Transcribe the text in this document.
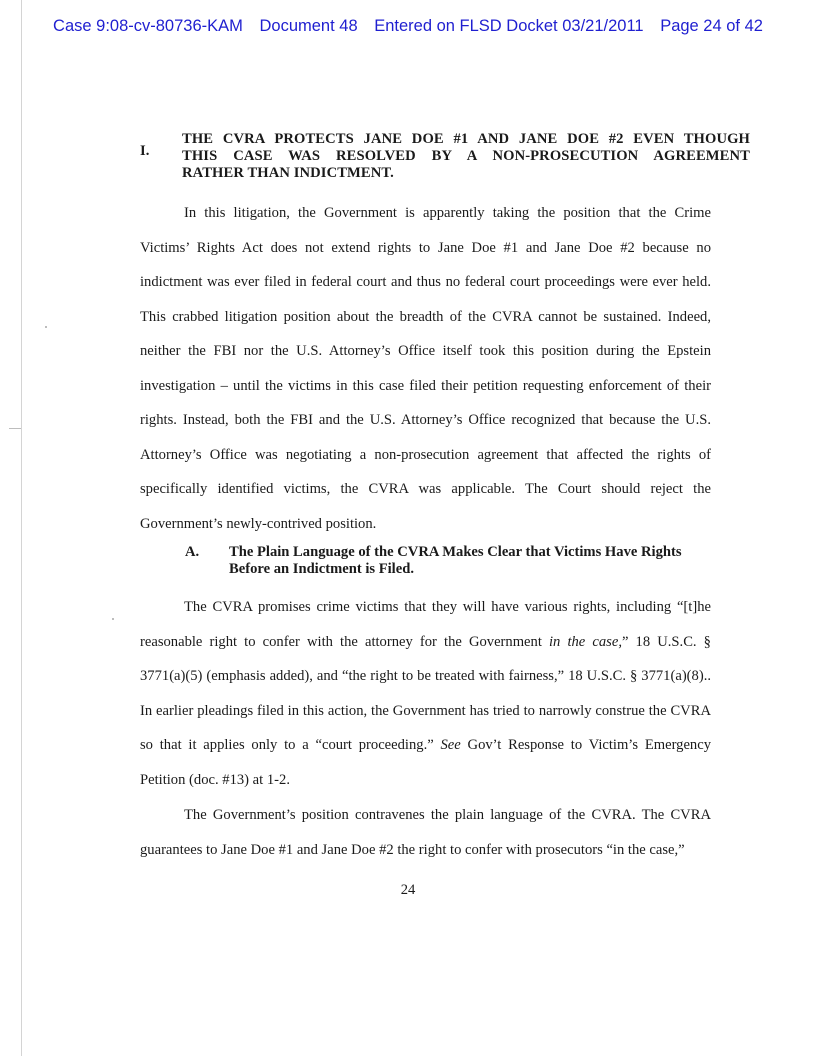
Case 9:08-cv-80736-KAM Document 48 Entered on FLSD Docket 03/21/2011 Page 24 of 42
I.
THE CVRA PROTECTS JANE DOE #1 AND JANE DOE #2 EVEN THOUGH
THIS CASE WAS RESOLVED BY A NON-PROSECUTION AGREEMENT
RATHER THAN INDICTMENT.
In this litigation, the Government is apparently taking the position that the Crime
Victims’ Rights Act does not extend rights to Jane Doe #1 and Jane Doe #2 because no
indictment was ever filed in federal court and thus no federal court proceedings were ever held.
This crabbed litigation position about the breadth of the CVRA cannot be sustained. Indeed,
neither the FBI nor the U.S. Attorney’s Office itself took this position during the Epstein
investigation – until the victims in this case filed their petition requesting enforcement of their
rights. Instead, both the FBI and the U.S. Attorney’s Office recognized that because the U.S.
Attorney’s Office was negotiating a non-prosecution agreement that affected the rights of
specifically identified victims, the CVRA was applicable. The Court should reject the
Government’s newly-contrived position.
A. The Plain Language of the CVRA Makes Clear that Victims Have Rights Before an Indictment is Filed.
The CVRA promises crime victims that they will have various rights, including “[t]he
reasonable right to confer with the attorney for the Government in the case,” 18 U.S.C. §
3771(a)(5) (emphasis added), and “the right to be treated with fairness,” 18 U.S.C. § 3771(a)(8)..
In earlier pleadings filed in this action, the Government has tried to narrowly construe the CVRA
so that it applies only to a “court proceeding.” See Gov’t Response to Victim’s Emergency
Petition (doc. #13) at 1-2.
The Government’s position contravenes the plain language of the CVRA. The CVRA
guarantees to Jane Doe #1 and Jane Doe #2 the right to confer with prosecutors “in the case,”
24
